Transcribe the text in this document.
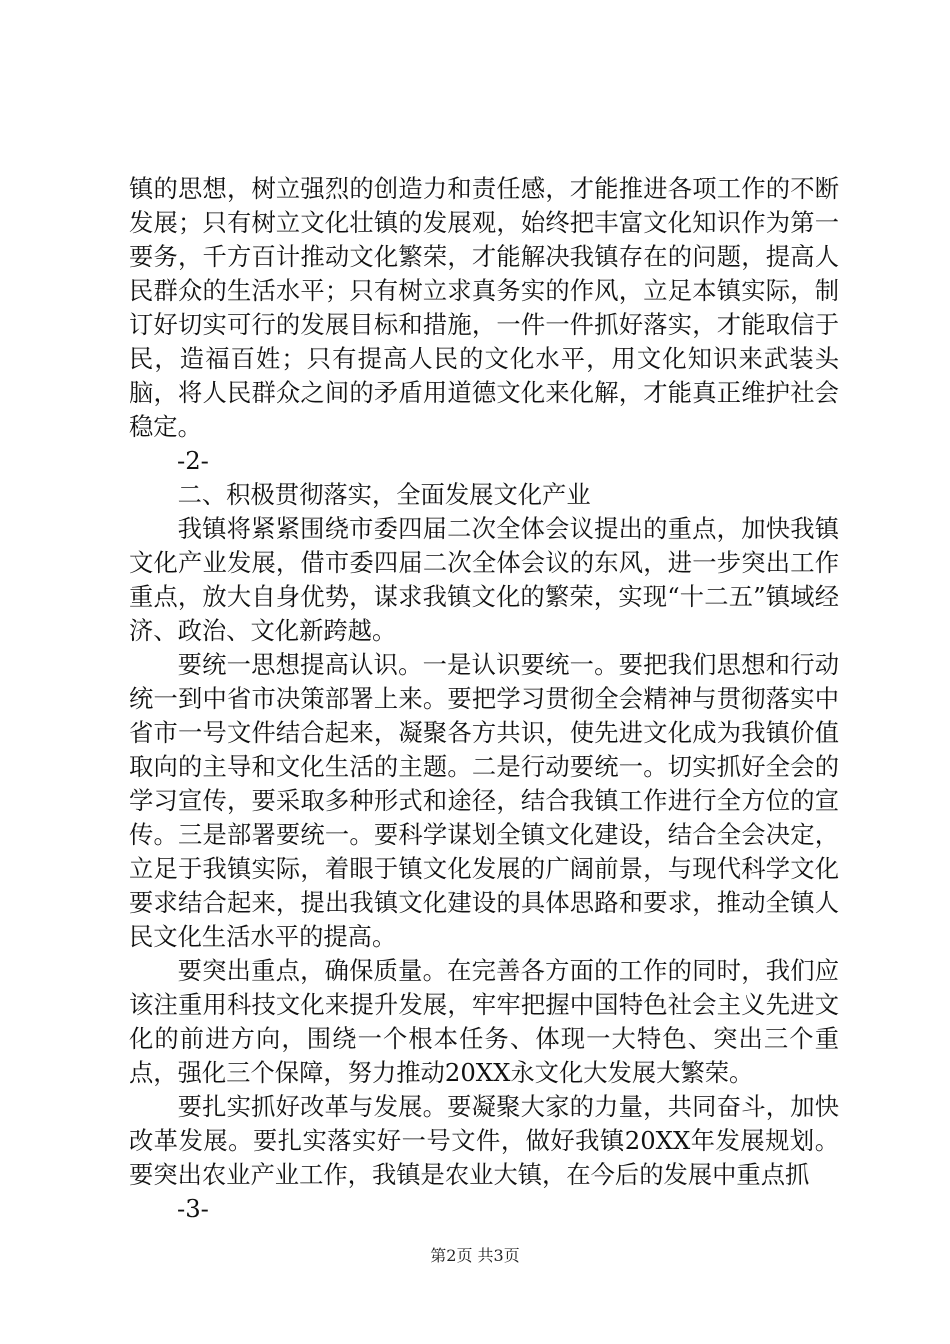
镇的思想，树立强烈的创造力和责任感，才能推进各项工作的不断发展；只有树立文化壮镇的发展观，始终把丰富文化知识作为第一要务，千方百计推动文化繁荣，才能解决我镇存在的问题，提高人民群众的生活水平；只有树立求真务实的作风，立足本镇实际，制订好切实可行的发展目标和措施，一件一件抓好落实，才能取信于民，造福百姓；只有提高人民的文化水平，用文化知识来武装头脑，将人民群众之间的矛盾用道德文化来化解，才能真正维护社会稳定。

-2-

二、积极贯彻落实，全面发展文化产业

我镇将紧紧围绕市委四届二次全体会议提出的重点，加快我镇文化产业发展，借市委四届二次全体会议的东风，进一步突出工作重点，放大自身优势，谋求我镇文化的繁荣，实现“十二五”镇域经济、政治、文化新跨越。

要统一思想提高认识。一是认识要统一。要把我们思想和行动统一到中省市决策部署上来。要把学习贯彻全会精神与贯彻落实中省市一号文件结合起来，凝聚各方共识，使先进文化成为我镇价值取向的主导和文化生活的主题。二是行动要统一。切实抓好全会的学习宣传，要采取多种形式和途径，结合我镇工作进行全方位的宣传。三是部署要统一。要科学谋划全镇文化建设，结合全会决定，立足于我镇实际，着眼于镇文化发展的广阔前景，与现代科学文化要求结合起来，提出我镇文化建设的具体思路和要求，推动全镇人民文化生活水平的提高。

要突出重点，确保质量。在完善各方面的工作的同时，我们应该注重用科技文化来提升发展，牢牢把握中国特色社会主义先进文化的前进方向，围绕一个根本任务、体现一大特色、突出三个重点，强化三个保障，努力推动20XX永文化大发展大繁荣。

要扎实抓好改革与发展。要凝聚大家的力量，共同奋斗，加快改革发展。要扎实落实好一号文件，做好我镇20XX年发展规划。要突出农业产业工作，我镇是农业大镇，在今后的发展中重点抓

-3-

第2页 共3页
